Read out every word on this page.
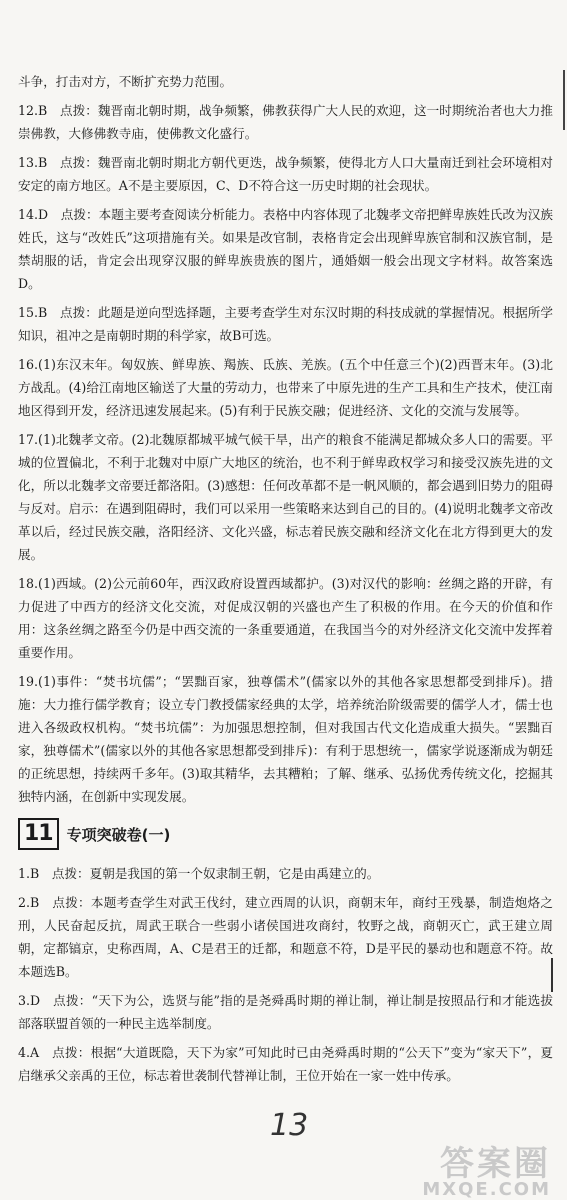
斗争，打击对方，不断扩充势力范围。

12.B　点拨：魏晋南北朝时期，战争频繁，佛教获得广大人民的欢迎，这一时期统治者也大力推崇佛教，大修佛教寺庙，使佛教文化盛行。

13.B　点拨：魏晋南北朝时期北方朝代更迭，战争频繁，使得北方人口大量南迁到社会环境相对安定的南方地区。A不是主要原因，C、D不符合这一历史时期的社会现状。

14.D　点拨：本题主要考查阅读分析能力。表格中内容体现了北魏孝文帝把鲜卑族姓氏改为汉族姓氏，这与“改姓氏”这项措施有关。如果是改官制，表格肯定会出现鲜卑族官制和汉族官制，是禁胡服的话，肯定会出现穿汉服的鲜卑族贵族的图片，通婚姻一般会出现文字材料。故答案选D。

15.B　点拨：此题是逆向型选择题，主要考查学生对东汉时期的科技成就的掌握情况。根据所学知识，祖冲之是南朝时期的科学家，故B可选。

16.(1)东汉末年。匈奴族、鲜卑族、羯族、氐族、羌族。(五个中任意三个)(2)西晋末年。(3)北方战乱。(4)给江南地区输送了大量的劳动力，也带来了中原先进的生产工具和生产技术，使江南地区得到开发，经济迅速发展起来。(5)有利于民族交融；促进经济、文化的交流与发展等。

17.(1)北魏孝文帝。(2)北魏原都城平城气候干旱，出产的粮食不能满足都城众多人口的需要。平城的位置偏北，不利于北魏对中原广大地区的统治，也不利于鲜卑政权学习和接受汉族先进的文化，所以北魏孝文帝要迁都洛阳。(3)感想：任何改革都不是一帆风顺的，都会遇到旧势力的阻碍与反对。启示：在遇到阻碍时，我们可以采用一些策略来达到自己的目的。(4)说明北魏孝文帝改革以后，经过民族交融，洛阳经济、文化兴盛，标志着民族交融和经济文化在北方得到更大的发展。

18.(1)西域。(2)公元前60年，西汉政府设置西域都护。(3)对汉代的影响：丝绸之路的开辟，有力促进了中西方的经济文化交流，对促成汉朝的兴盛也产生了积极的作用。在今天的价值和作用：这条丝绸之路至今仍是中西交流的一条重要通道，在我国当今的对外经济文化交流中发挥着重要作用。

19.(1)事件：“焚书坑儒”；“罢黜百家，独尊儒术”(儒家以外的其他各家思想都受到排斥)。措施：大力推行儒学教育；设立专门教授儒家经典的太学，培养统治阶级需要的儒学人才，儒士也进入各级政权机构。“焚书坑儒”：为加强思想控制，但对我国古代文化造成重大损失。“罢黜百家，独尊儒术”(儒家以外的其他各家思想都受到排斥)：有利于思想统一，儒家学说逐渐成为朝廷的正统思想，持续两千多年。(3)取其精华，去其糟粕；了解、继承、弘扬优秀传统文化，挖掘其独特内涵，在创新中实现发展。

11 专项突破卷(一)

1.B　点拨：夏朝是我国的第一个奴隶制王朝，它是由禹建立的。

2.B　点拨：本题考查学生对武王伐纣，建立西周的认识，商朝末年，商纣王残暴，制造炮烙之刑，人民奋起反抗，周武王联合一些弱小诸侯国进攻商纣，牧野之战，商朝灭亡，武王建立周朝，定都镐京，史称西周，A、C是君王的迁都，和题意不符，D是平民的暴动也和题意不符。故本题选B。

3.D　点拨：“天下为公，选贤与能”指的是尧舜禹时期的禅让制，禅让制是按照品行和才能选拔部落联盟首领的一种民主选举制度。

4.A　点拨：根据“大道既隐，天下为家”可知此时已由尧舜禹时期的“公天下”变为“家天下”，夏启继承父亲禹的王位，标志着世袭制代替禅让制，王位开始在一家一姓中传承。

13
答案圈
MXQE.COM
